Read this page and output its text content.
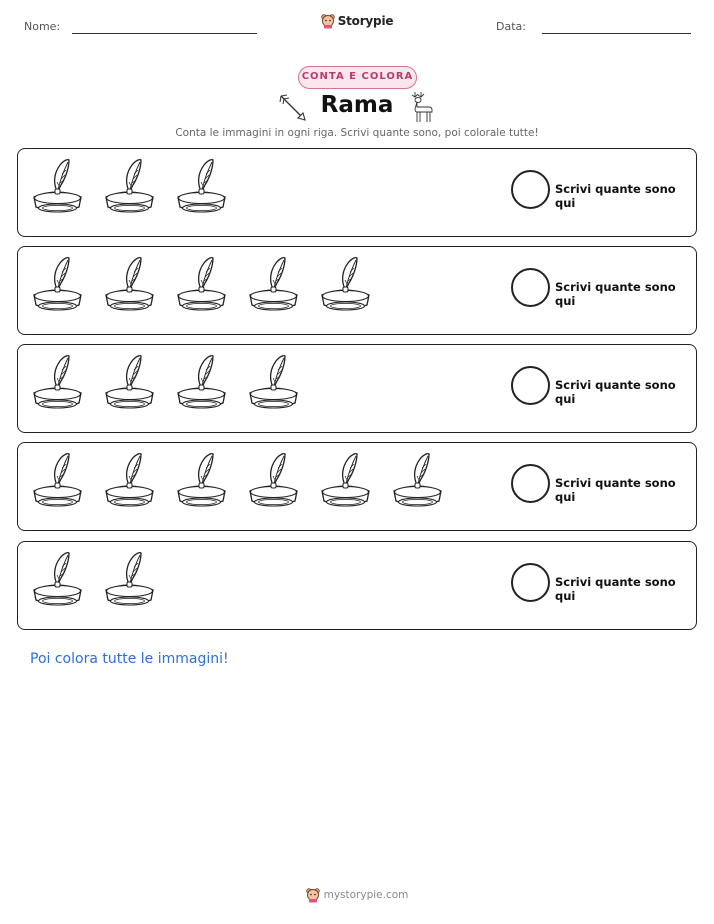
Nome:	Storypie	Data:
CONTA E COLORA
Rama
Conta le immagini in ogni riga. Scrivi quante sono, poi colorale tutte!
Scrivi quante sono qui
Scrivi quante sono qui
Scrivi quante sono qui
Scrivi quante sono qui
Scrivi quante sono qui
Poi colora tutte le immagini!
mystorypie.com
